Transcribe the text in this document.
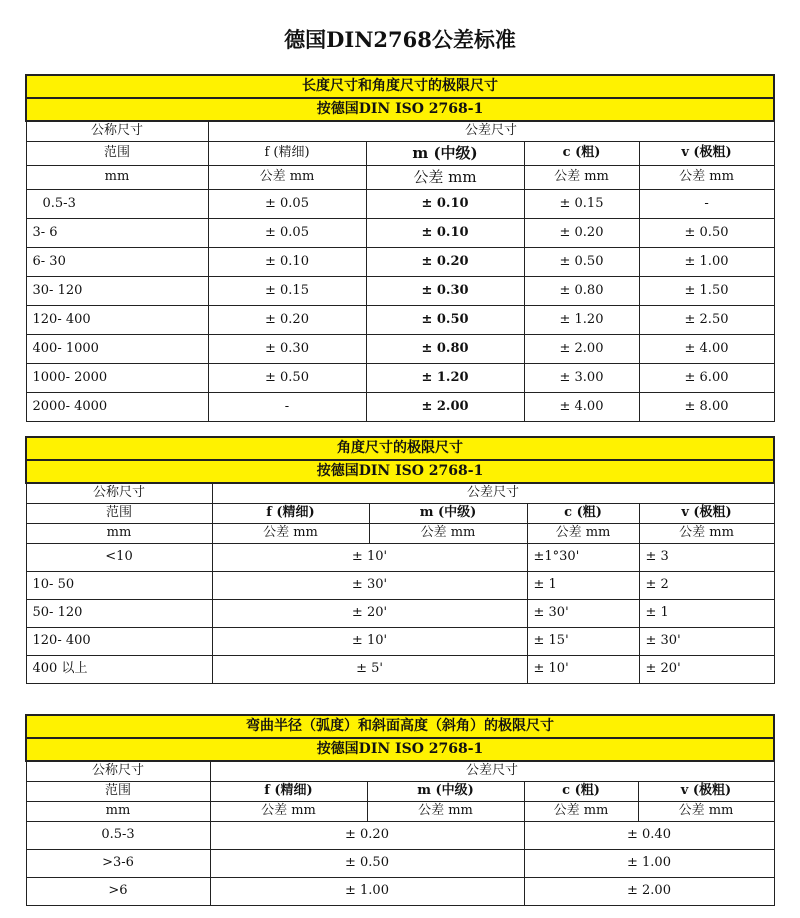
德国DIN2768公差标准
长度尺寸和角度尺寸的极限尺寸				
按德国DIN ISO 2768-1				
公称尺寸	公差尺寸			
范围	f (精细)	m (中级)	c (粗)	v (极粗)
mm	公差 mm	公差 mm	公差 mm	公差 mm
0.5-3	± 0.05	± 0.10	± 0.15	-
3- 6	± 0.05	± 0.10	± 0.20	± 0.50
6- 30	± 0.10	± 0.20	± 0.50	± 1.00
30- 120	± 0.15	± 0.30	± 0.80	± 1.50
120- 400	± 0.20	± 0.50	± 1.20	± 2.50
400- 1000	± 0.30	± 0.80	± 2.00	± 4.00
1000- 2000	± 0.50	± 1.20	± 3.00	± 6.00
2000- 4000	-	± 2.00	± 4.00	± 8.00
角度尺寸的极限尺寸				
按德国DIN ISO 2768-1				
公称尺寸	公差尺寸			
范围	f (精细)	m (中级)	c (粗)	v (极粗)
mm	公差 mm	公差 mm	公差 mm	公差 mm
<10	± 10'		±1°30'	± 3
10- 50	± 30'		± 1	± 2
50- 120	± 20'		± 30'	± 1
120- 400	± 10'		± 15'	± 30'
400 以上	± 5'		± 10'	± 20'
弯曲半径（弧度）和斜面高度（斜角）的极限尺寸				
按德国DIN ISO 2768-1				
公称尺寸	公差尺寸			
范围	f (精细)	m (中级)	c (粗)	v (极粗)
mm	公差 mm	公差 mm	公差 mm	公差 mm
0.5-3	± 0.20		± 0.40	
>3-6	± 0.50		± 1.00	
>6	± 1.00		± 2.00	
